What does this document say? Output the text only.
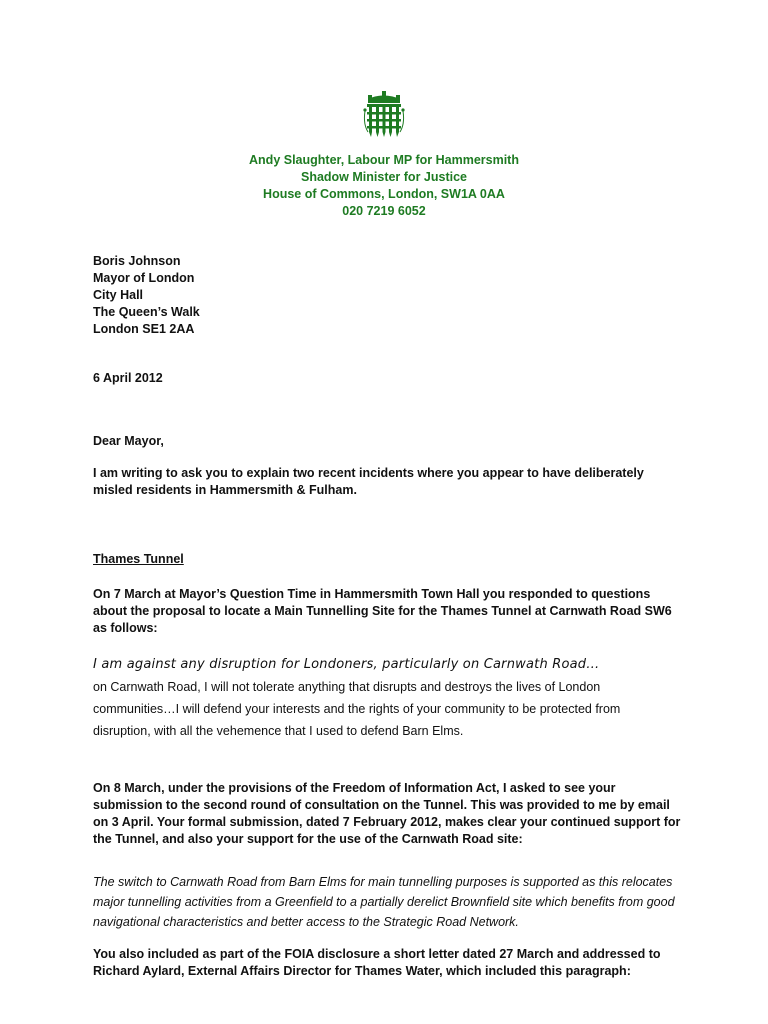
Andy Slaughter, Labour MP for Hammersmith
Shadow Minister for Justice
House of Commons, London, SW1A 0AA
020 7219 6052
Boris Johnson
Mayor of London
City Hall
The Queen’s Walk
London SE1 2AA
6 April 2012
Dear Mayor,
I am writing to ask you to explain two recent incidents where you appear to have deliberately misled residents in Hammersmith & Fulham.
Thames Tunnel
On 7 March at Mayor’s Question Time in Hammersmith Town Hall you responded to questions about the proposal to locate a Main Tunnelling Site for the Thames Tunnel at Carnwath Road SW6 as follows:
I am against any disruption for Londoners, particularly on Carnwath Road…
on Carnwath Road, I will not tolerate anything that disrupts and destroys the lives of London communities…I will defend your interests and the rights of your community to be protected from disruption, with all the vehemence that I used to defend Barn Elms.
On 8 March, under the provisions of the Freedom of Information Act, I asked to see your submission to the second round of consultation on the Tunnel. This was provided to me by email on 3 April. Your formal submission, dated 7 February 2012, makes clear your continued support for the Tunnel, and also your support for the use of the Carnwath Road site:
The switch to Carnwath Road from Barn Elms for main tunnelling purposes is supported as this relocates major tunnelling activities from a Greenfield to a partially derelict Brownfield site which benefits from good navigational characteristics and better access to the Strategic Road Network.
You also included as part of the FOIA disclosure a short letter dated 27 March and addressed to Richard Aylard, External Affairs Director for Thames Water, which included this paragraph:
